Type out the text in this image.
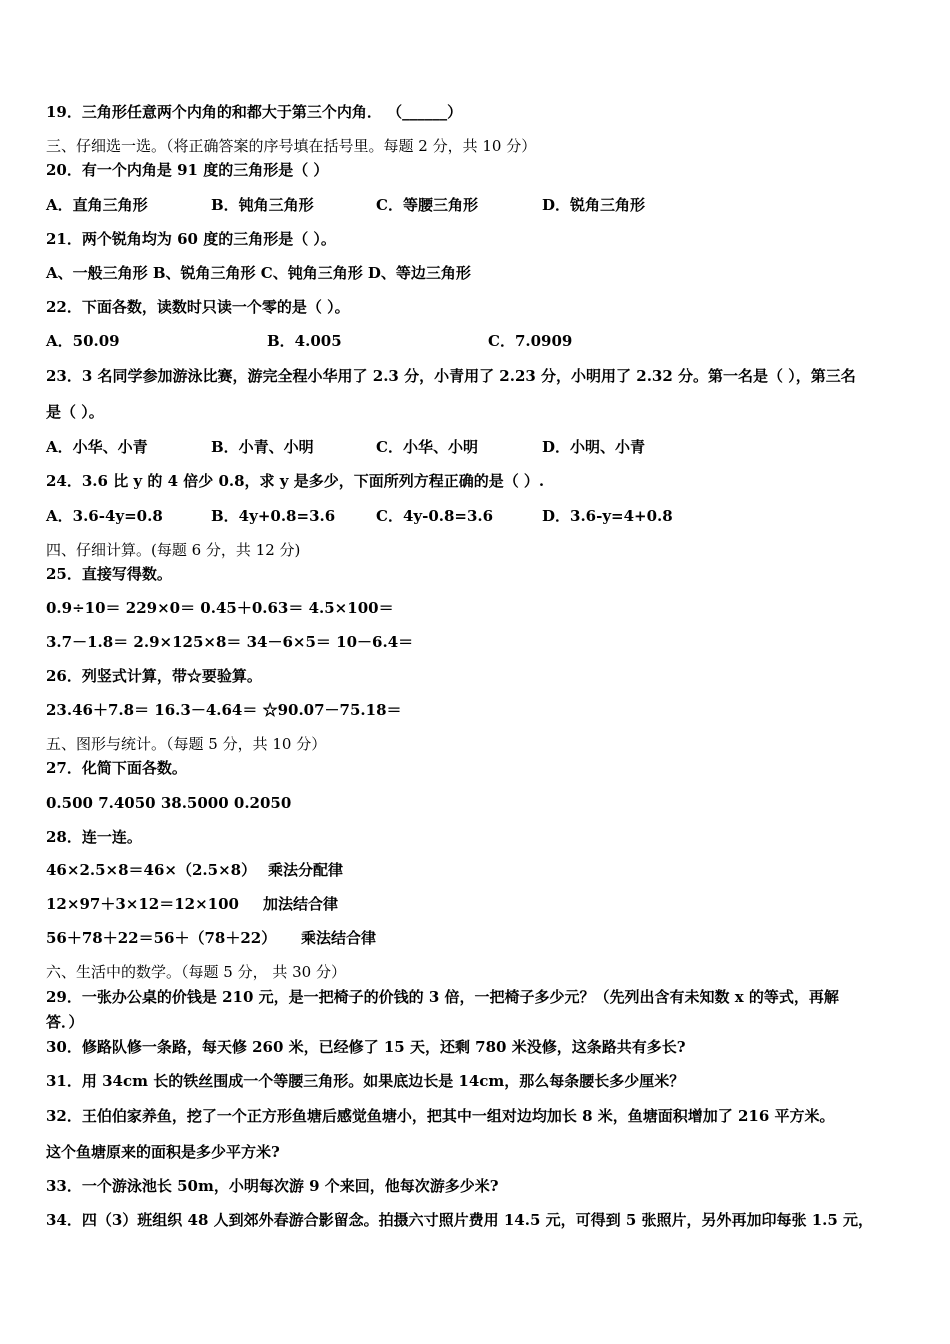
19．三角形任意两个内角的和都大于第三个内角． （______）
三、仔细选一选。（将正确答案的序号填在括号里。每题 2 分，共 10 分）
20．有一个内角是 91 度的三角形是（ ）
A．直角三角形	B．钝角三角形	C．等腰三角形	D．锐角三角形
21．两个锐角均为 60 度的三角形是（ ）。
A、一般三角形 B、锐角三角形 C、钝角三角形 D、等边三角形
22．下面各数，读数时只读一个零的是（ ）。
A．50.09	B．4.005	C．7.0909
23．3 名同学参加游泳比赛，游完全程小华用了 2.3 分，小青用了 2.23 分，小明用了 2.32 分。第一名是（ ），第三名
是（ ）。
A．小华、小青	B．小青、小明	C．小华、小明	D．小明、小青
24．3.6 比 y 的 4 倍少 0.8，求 y 是多少，下面所列方程正确的是（ ）.
A．3.6-4y=0.8	B．4y+0.8=3.6	C．4y-0.8=3.6	D．3.6-y=4+0.8
四、仔细计算。(每题 6 分，共 12 分)
25．直接写得数。
0.9÷10＝ 229×0＝ 0.45＋0.63＝ 4.5×100＝
3.7－1.8＝ 2.9×125×8＝ 34－6×5＝ 10－6.4＝
26．列竖式计算，带☆要验算。
23.46＋7.8＝ 16.3－4.64＝ ☆90.07－75.18＝
五、图形与统计。（每题 5 分，共 10 分）
27．化简下面各数。
0.500 7.4050 38.5000 0.2050
28．连一连。
46×2.5×8＝46×（2.5×8） 乘法分配律
12×97＋3×12＝12×100 加法结合律
56＋78＋22＝56＋（78＋22） 乘法结合律
六、生活中的数学。（每题 5 分， 共 30 分）
29．一张办公桌的价钱是 210 元，是一把椅子的价钱的 3 倍，一把椅子多少元？（先列出含有未知数 x 的等式，再解
答．）
30．修路队修一条路，每天修 260 米，已经修了 15 天，还剩 780 米没修，这条路共有多长?
31．用 34cm 长的铁丝围成一个等腰三角形。如果底边长是 14cm，那么每条腰长多少厘米？
32．王伯伯家养鱼，挖了一个正方形鱼塘后感觉鱼塘小，把其中一组对边均加长 8 米，鱼塘面积增加了 216 平方米。
这个鱼塘原来的面积是多少平方米?
33．一个游泳池长 50m，小明每次游 9 个来回，他每次游多少米?
34．四（3）班组织 48 人到郊外春游合影留念。拍摄六寸照片费用 14.5 元，可得到 5 张照片，另外再加印每张 1.5 元，
